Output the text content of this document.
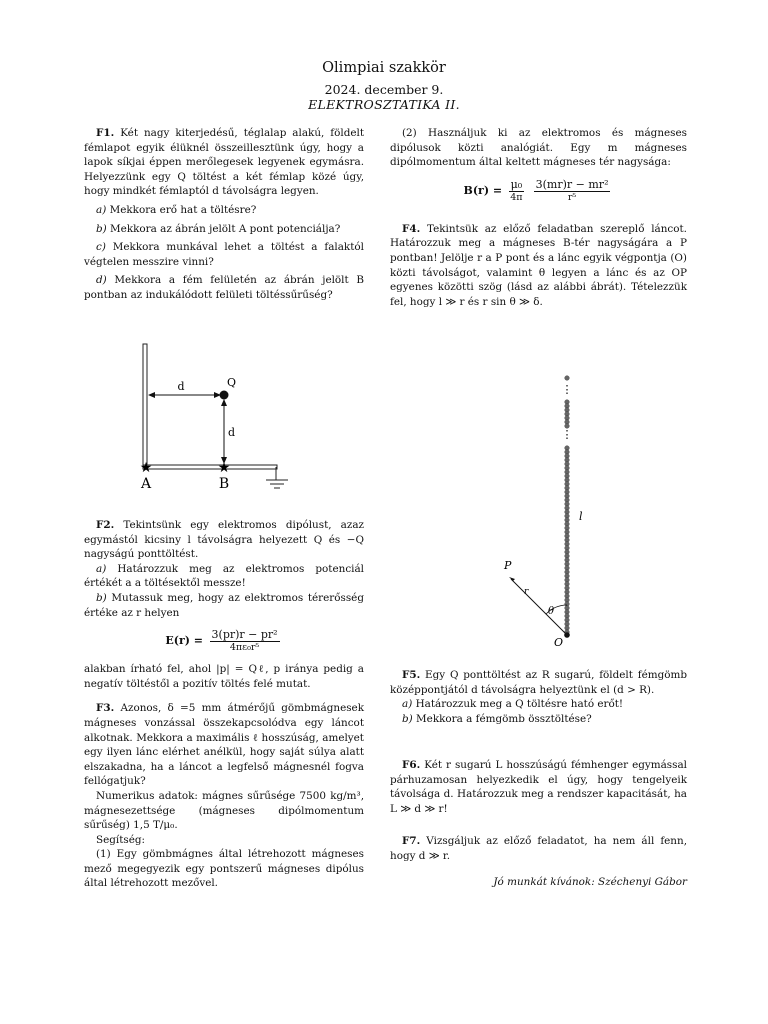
Olimpiai szakkör
2024. december 9.
ELEKTROSZTATIKA II.

F1. Két nagy kiterjedésű, téglalap alakú, földelt fémlapot egyik élüknél összeillesztünk úgy, hogy a lapok síkjai éppen merőlegesek legyenek egymásra. Helyezzünk egy Q töltést a két fémlap közé úgy, hogy mindkét fémlaptól d távolságra legyen.

a) Mekkora erő hat a töltésre?

b) Mekkora az ábrán jelölt A pont potenciálja?

c) Mekkora munkával lehet a töltést a falaktól végtelen messzire vinni?

d) Mekkora a fém felületén az ábrán jelölt B pontban az indukálódott felületi töltéssűrűség?

d
d
Q
★	★
A	B

F2. Tekintsünk egy elektromos dipólust, azaz egymástól kicsiny l távolságra helyezett Q és −Q nagyságú ponttöltést.

a) Határozzuk meg az elektromos potenciál értékét a a töltésektől messze!

b) Mutassuk meg, hogy az elektromos térerősség értéke az r helyen

$E(r) = \frac{\text{3(pr)r − pr²}}{\text{4πε₀r⁵}}$

alakban írható fel, ahol |p| = Qℓ, p iránya pedig a negatív töltéstől a pozitív töltés felé mutat.

F3. Azonos, δ =5 mm átmérőjű gömbmágnesek mágneses vonzással összekapcsolódva egy láncot alkotnak. Mekkora a maximális ℓ hosszúság, amelyet egy ilyen lánc elérhet anélkül, hogy saját súlya alatt elszakadna, ha a láncot a legfelső mágnesnél fogva fellógatjuk?

Numerikus adatok: mágnes sűrűsége 7500 kg/m³, mágnesezettsége (mágneses dipólmomentum sűrűség) 1,5 T/μ₀.

Segítség:

(1) Egy gömbmágnes által létrehozott mágneses mező megegyezik egy pontszerű mágneses dipólus által létrehozott mezővel.

(2) Használjuk ki az elektromos és mágneses dipólusok közti analógiát. Egy m mágneses dipólmomentum által keltett mágneses tér nagysága:

$B(r) = \frac{\text{μ₀}}{4\pi}$
$\frac{\text{3(mr)r − mr²}}{\text{r⁵}}$

F4. Tekintsük az előző feladatban szereplő láncot. Határozzuk meg a mágneses B-tér nagyságára a P pontban! Jelölje r a P pont és a lánc egyik végpontja (O) közti távolságot, valamint θ legyen a lánc és az OP egyenes közötti szög (lásd az alábbi ábrát). Tételezzük fel, hogy l ≫ r és r sin θ ≫ δ.

⋮
⋮
l
P
r
θ
O

F5. Egy Q ponttöltést az R sugarú, földelt fémgömb középpontjától d távolságra helyeztünk el (d > R).

a) Határozzuk meg a Q töltésre ható erőt!

b) Mekkora a fémgömb össztöltése?

F6. Két r sugarú L hosszúságú fémhenger egymással párhuzamosan helyezkedik el úgy, hogy tengelyeik távolsága d. Határozzuk meg a rendszer kapacitását, ha L ≫ d ≫ r!

F7. Vizsgáljuk az előző feladatot, ha nem áll fenn, hogy d ≫ r.

Jó munkát kívánok: Széchenyi Gábor
